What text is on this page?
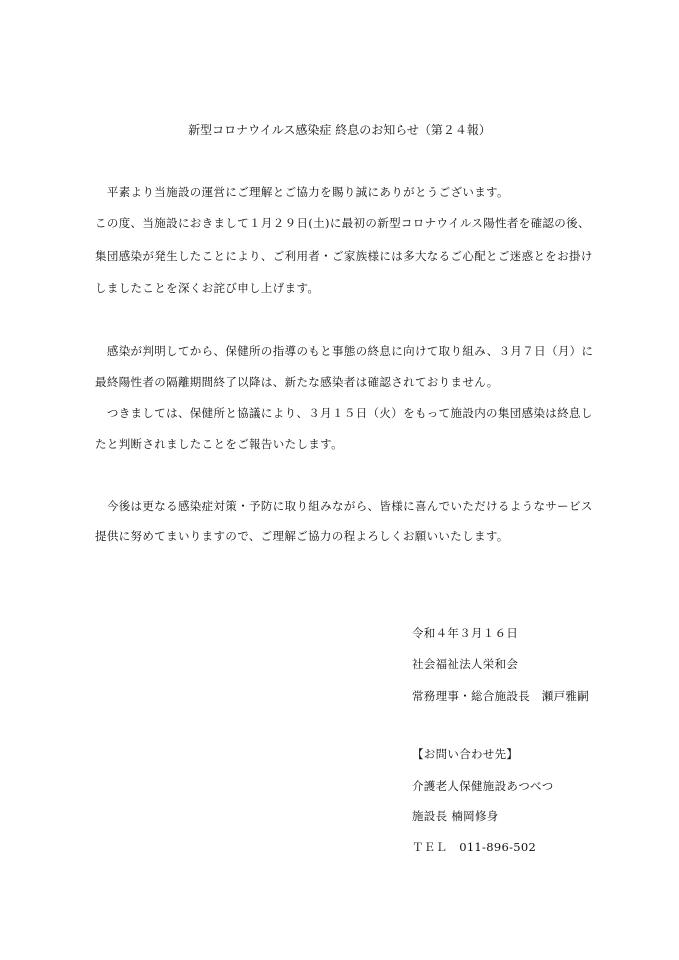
新型コロナウイルス感染症 終息のお知らせ（第２４報）
　平素より当施設の運営にご理解とご協力を賜り誠にありがとうございます。
この度、当施設におきまして１月２９日(土)に最初の新型コロナウイルス陽性者を確認の後、
集団感染が発生したことにより、ご利用者・ご家族様には多大なるご心配とご迷惑とをお掛け
しましたことを深くお詫び申し上げます。
　感染が判明してから、保健所の指導のもと事態の終息に向けて取り組み、３月７日（月）に
最終陽性者の隔離期間終了以降は、新たな感染者は確認されておりません。
　つきましては、保健所と協議により、３月１５日（火）をもって施設内の集団感染は終息し
たと判断されましたことをご報告いたします。
　今後は更なる感染症対策・予防に取り組みながら、皆様に喜んでいただけるようなサービス
提供に努めてまいりますので、ご理解ご協力の程よろしくお願いいたします。
令和４年３月１６日
社会福祉法人栄和会
常務理事・総合施設長　瀬戸雅嗣
【お問い合わせ先】
介護老人保健施設あつべつ
施設長 楠岡修身
ＴＥＬ　011-896-502
